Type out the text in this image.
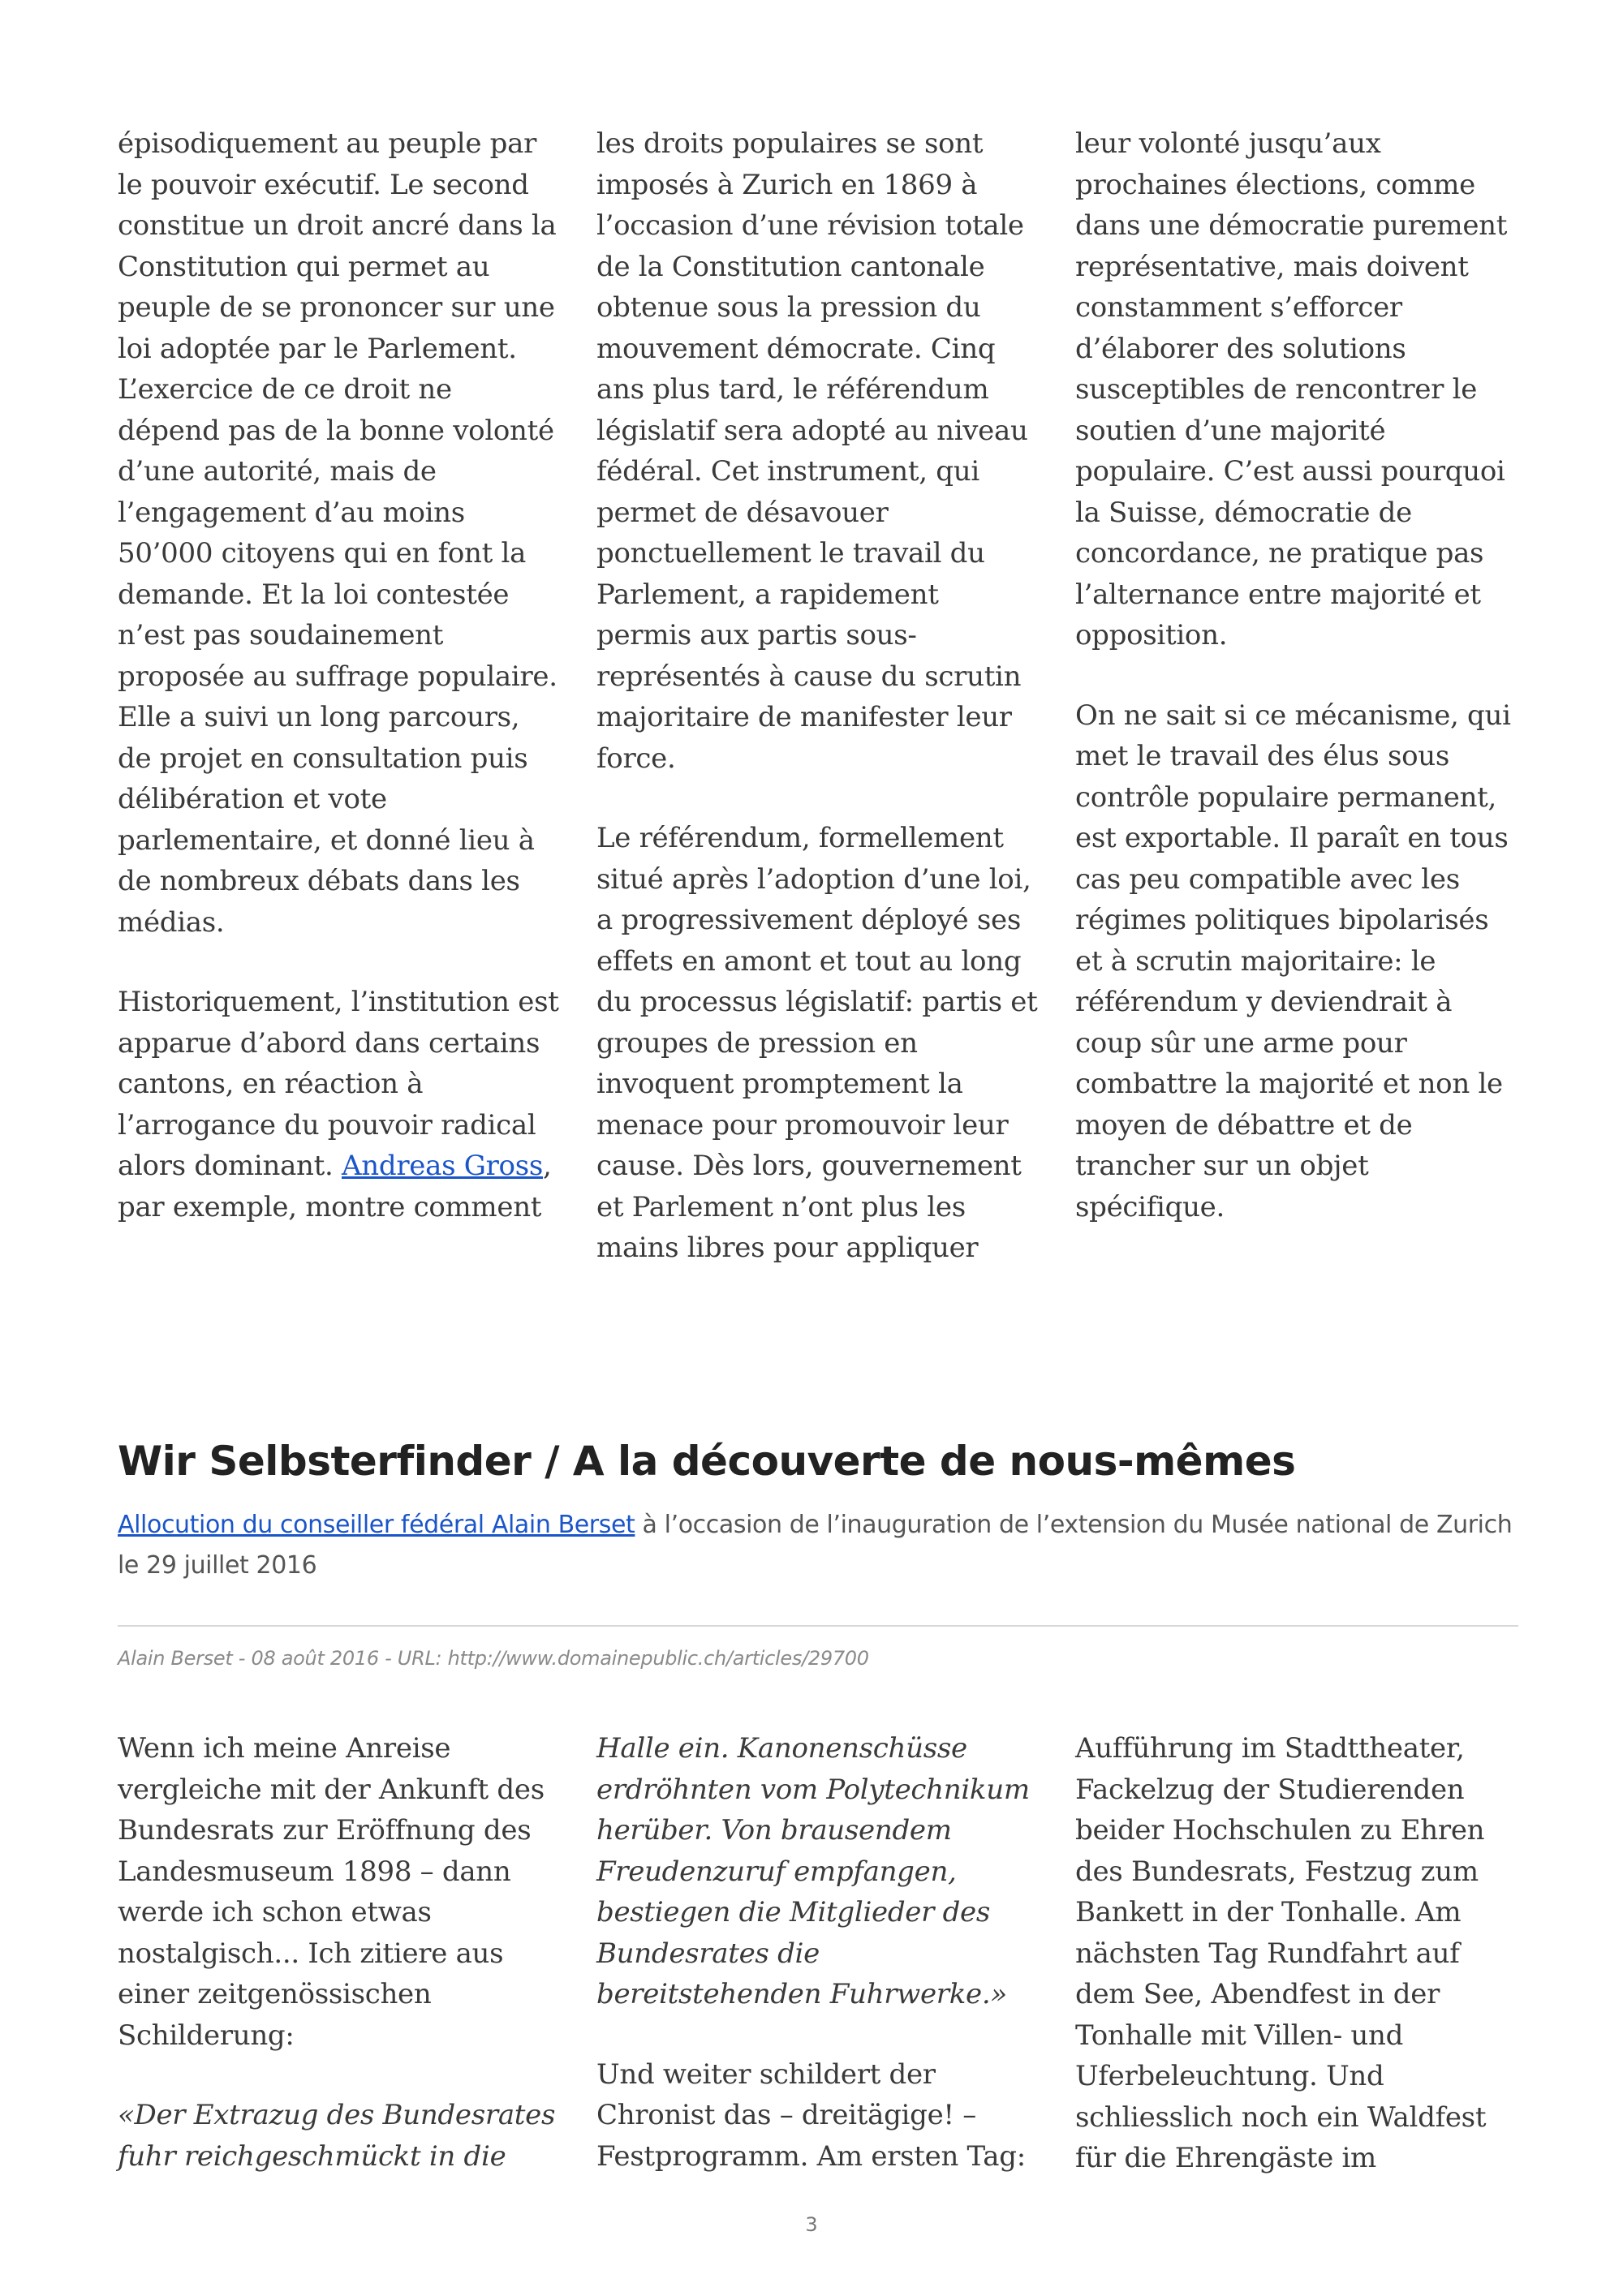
épisodiquement au peuple par le pouvoir exécutif. Le second constitue un droit ancré dans la Constitution qui permet au peuple de se prononcer sur une loi adoptée par le Parlement. L’exercice de ce droit ne dépend pas de la bonne volonté d’une autorité, mais de l’engagement d’au moins 50’000 citoyens qui en font la demande. Et la loi contestée n’est pas soudainement proposée au suffrage populaire. Elle a suivi un long parcours, de projet en consultation puis délibération et vote parlementaire, et donné lieu à de nombreux débats dans les médias.

Historiquement, l’institution est apparue d’abord dans certains cantons, en réaction à l’arrogance du pouvoir radical alors dominant. Andreas Gross, par exemple, montre comment

les droits populaires se sont imposés à Zurich en 1869 à l’occasion d’une révision totale de la Constitution cantonale obtenue sous la pression du mouvement démocrate. Cinq ans plus tard, le référendum législatif sera adopté au niveau fédéral. Cet instrument, qui permet de désavouer ponctuellement le travail du Parlement, a rapidement permis aux partis sous-représentés à cause du scrutin majoritaire de manifester leur force.

Le référendum, formellement situé après l’adoption d’une loi, a progressivement déployé ses effets en amont et tout au long du processus législatif: partis et groupes de pression en invoquent promptement la menace pour promouvoir leur cause. Dès lors, gouvernement et Parlement n’ont plus les mains libres pour appliquer

leur volonté jusqu’aux prochaines élections, comme dans une démocratie purement représentative, mais doivent constamment s’efforcer d’élaborer des solutions susceptibles de rencontrer le soutien d’une majorité populaire. C’est aussi pourquoi la Suisse, démocratie de concordance, ne pratique pas l’alternance entre majorité et opposition.

On ne sait si ce mécanisme, qui met le travail des élus sous contrôle populaire permanent, est exportable. Il paraît en tous cas peu compatible avec les régimes politiques bipolarisés et à scrutin majoritaire: le référendum y deviendrait à coup sûr une arme pour combattre la majorité et non le moyen de débattre et de trancher sur un objet spécifique.

Wir Selbsterfinder / A la découverte de nous-mêmes

Allocution du conseiller fédéral Alain Berset à l’occasion de l’inauguration de l’extension du Musée national de Zurich le 29 juillet 2016

Alain Berset - 08 août 2016 - URL: http://www.domainepublic.ch/articles/29700

Wenn ich meine Anreise vergleiche mit der Ankunft des Bundesrats zur Eröffnung des Landesmuseum 1898 – dann werde ich schon etwas nostalgisch... Ich zitiere aus einer zeitgenössischen Schilderung:

«Der Extrazug des Bundesrates fuhr reichgeschmückt in die

Halle ein. Kanonenschüsse erdröhnten vom Polytechnikum herüber. Von brausendem Freudenzuruf empfangen, bestiegen die Mitglieder des Bundesrates die bereitstehenden Fuhrwerke.»

Und weiter schildert der Chronist das – dreitägige! – Festprogramm. Am ersten Tag:

Aufführung im Stadttheater, Fackelzug der Studierenden beider Hochschulen zu Ehren des Bundesrats, Festzug zum Bankett in der Tonhalle. Am nächsten Tag Rundfahrt auf dem See, Abendfest in der Tonhalle mit Villen- und Uferbeleuchtung. Und schliesslich noch ein Waldfest für die Ehrengäste im

3
